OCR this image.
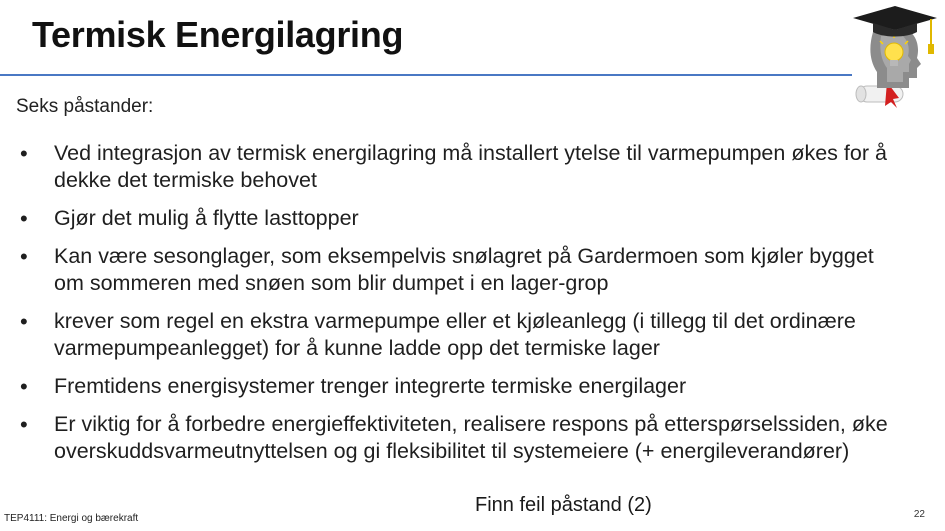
Termisk Energilagring
Seks påstander:
• Ved integrasjon av termisk energilagring må installert ytelse til varmepumpen økes for å dekke det termiske behovet
• Gjør det mulig å flytte lasttopper
• Kan være sesonglager, som eksempelvis snølagret på Gardermoen som kjøler bygget om sommeren med snøen som blir dumpet i en lager-grop
• krever som regel en ekstra varmepumpe eller et kjøleanlegg (i tillegg til det ordinære varmepumpeanlegget) for å kunne ladde opp det termiske lager
• Fremtidens energisystemer trenger integrerte termiske energilager
• Er viktig for å forbedre energieffektiviteten, realisere respons på etterspørselssiden, øke overskuddsvarmeutnyttelsen og gi fleksibilitet til systemeiere (+ energileverandører)
Finn feil påstand (2)
TEP4111: Energi og bærekraft	22
